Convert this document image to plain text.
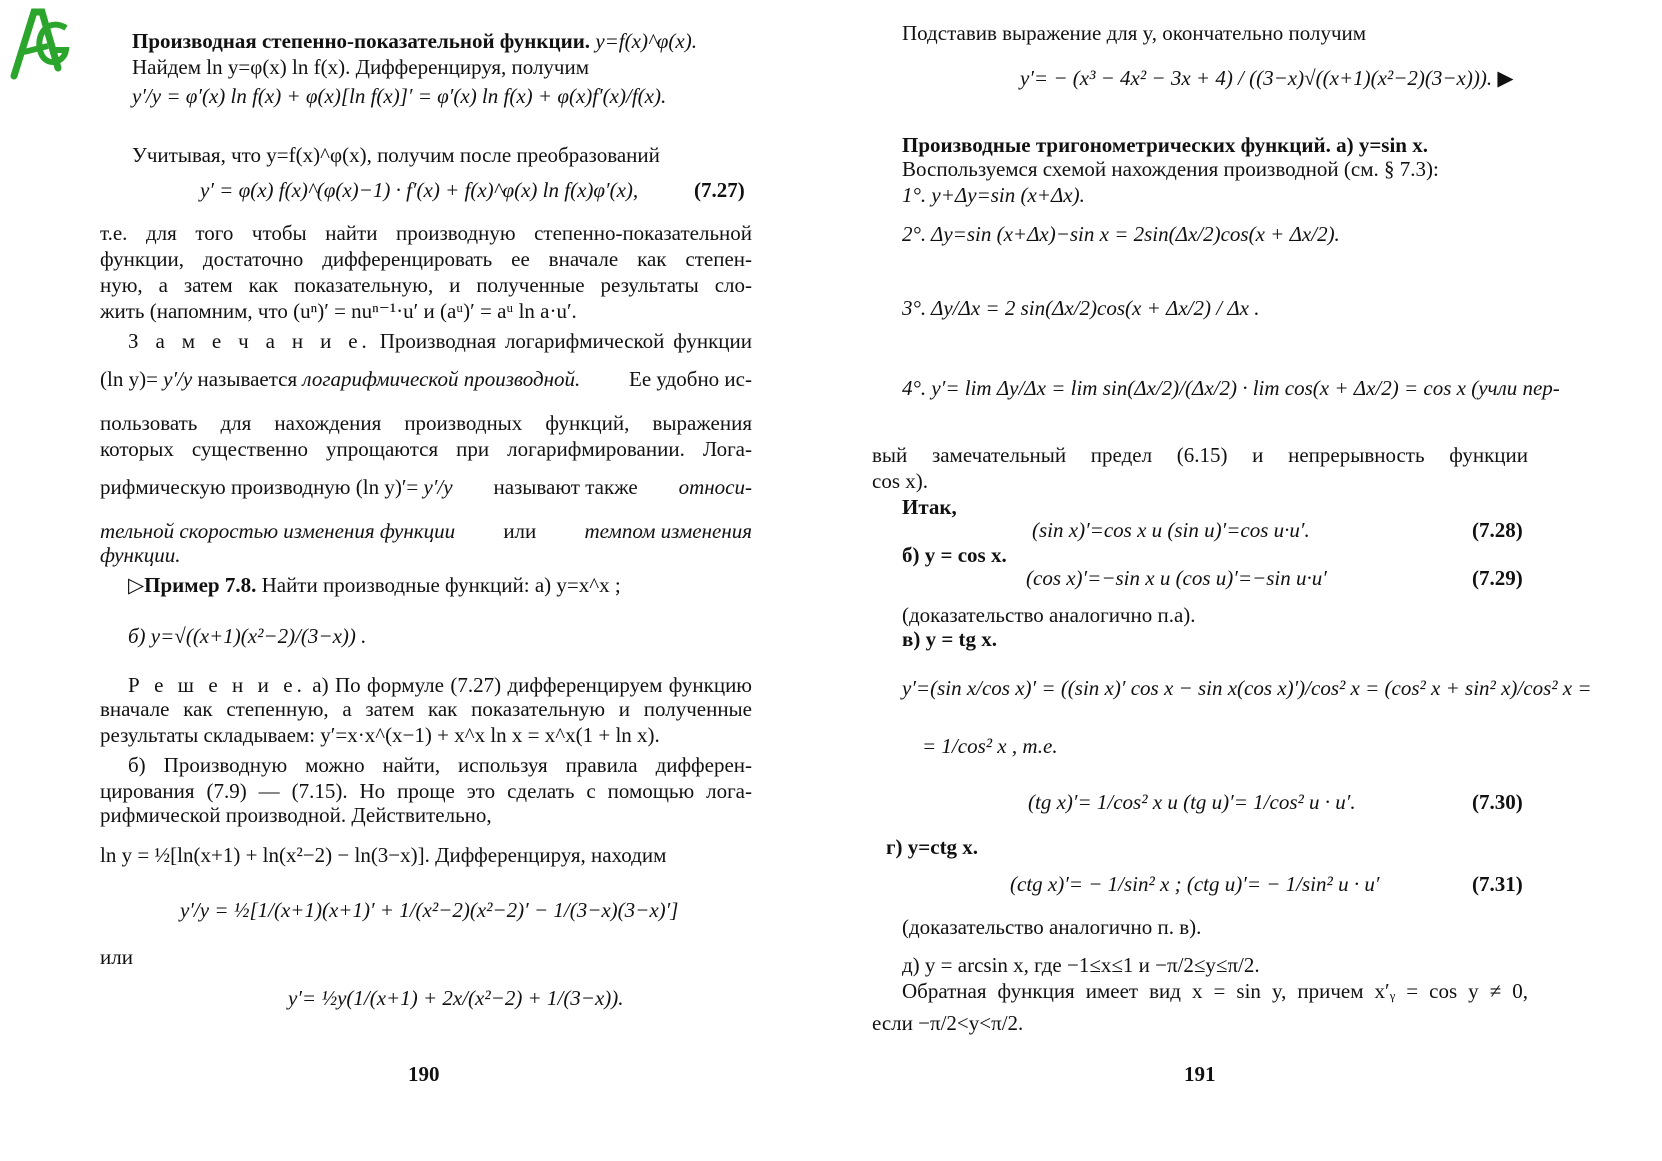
Производная степенно-показательной функции. y=f(x)^φ(x).
Найдем ln y=φ(x) ln f(x). Дифференцируя, получим
y′/y = φ′(x) ln f(x) + φ(x)[ln f(x)]′ = φ′(x) ln f(x) + φ(x)f′(x)/f(x).
Учитывая, что y=f(x)^φ(x), получим после преобразований
y′ = φ(x) f(x)^(φ(x)−1) · f′(x) + f(x)^φ(x) ln f(x)φ′(x),	(7.27)
т.е. для того чтобы найти производную степенно-показательной
функции, достаточно дифференцировать ее вначале как степен-
ную, а затем как показательную, и полученные результаты сло-
жить (напомним, что (uⁿ)′ = nuⁿ⁻¹·u′ и (aᵘ)′ = aᵘ ln a·u′.
З а м е ч а н и е. Производная логарифмической функции
(ln y)= y′/y называется логарифмической производной. Ее удобно ис-
пользовать для нахождения производных функций, выражения
которых существенно упрощаются при логарифмировании. Лога-
рифмическую производную (ln y)′= y′/y называют также относи-
тельной скоростью изменения функции или темпом изменения
функции.
▷Пример 7.8. Найти производные функций: а) y=x^x ;
б) y=√((x+1)(x²−2)/(3−x)) .
Р е ш е н и е. а) По формуле (7.27) дифференцируем функцию
вначале как степенную, а затем как показательную и полученные
результаты складываем: y′=x·x^(x−1) + x^x ln x = x^x(1 + ln x).
б) Производную можно найти, используя правила дифферен-
цирования (7.9) — (7.15). Но проще это сделать с помощью лога-
рифмической производной. Действительно,
ln y = ½[ln(x+1) + ln(x²−2) − ln(3−x)]. Дифференцируя, находим
y′/y = ½[1/(x+1)(x+1)′ + 1/(x²−2)(x²−2)′ − 1/(3−x)(3−x)′]
или
y′= ½y(1/(x+1) + 2x/(x²−2) + 1/(3−x)).
190
Подставив выражение для y, окончательно получим
y′= − (x³ − 4x² − 3x + 4) / ((3−x)√((x+1)(x²−2)(3−x))). ▶
Производные тригонометрических функций. а) y=sin x.
Воспользуемся схемой нахождения производной (см. § 7.3):
1°. y+Δy=sin (x+Δx).
2°. Δy=sin (x+Δx)−sin x = 2sin(Δx/2)cos(x + Δx/2).
3°. Δy/Δx = 2 sin(Δx/2)cos(x + Δx/2) / Δx .
4°. y′= lim Δy/Δx = lim sin(Δx/2)/(Δx/2) · lim cos(x + Δx/2) = cos x (учли пер-
вый замечательный предел (6.15) и непрерывность функции
cos x).
Итак,
(sin x)′=cos x и (sin u)′=cos u·u′.	(7.28)
б) y = cos x.
(cos x)′=−sin x и (cos u)′=−sin u·u′	(7.29)
(доказательство аналогично п.а).
в) y = tg x.
y′=(sin x/cos x)′ = ((sin x)′ cos x − sin x(cos x)′)/cos² x = (cos² x + sin² x)/cos² x =
= 1/cos² x , т.е.
(tg x)′= 1/cos² x и (tg u)′= 1/cos² u · u′.	(7.30)
г) y=ctg x.
(ctg x)′= − 1/sin² x ; (ctg u)′= − 1/sin² u · u′	(7.31)
(доказательство аналогично п. в).
д) y = arcsin x, где −1≤x≤1 и −π/2≤y≤π/2.
Обратная функция имеет вид x = sin y, причем x′ᵧ = cos y ≠ 0,
если −π/2<y<π/2.
191
